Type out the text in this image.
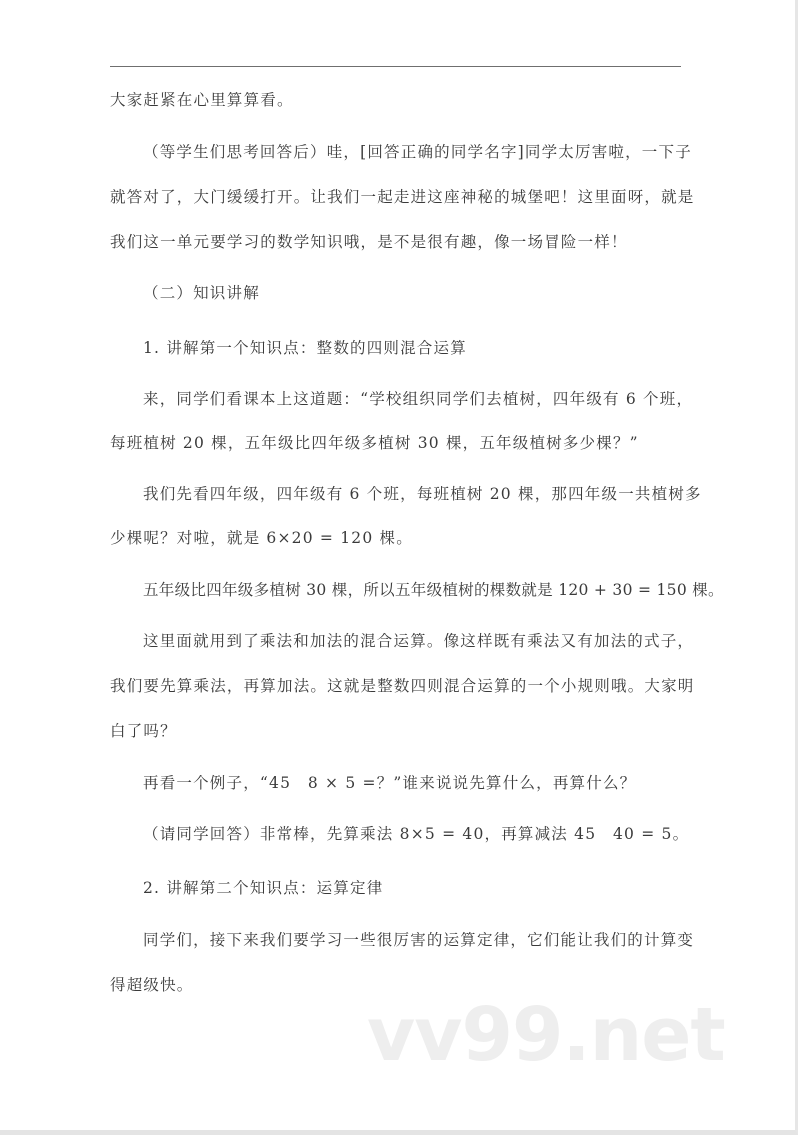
大家赶紧在心里算算看。
（等学生们思考回答后）哇，[回答正确的同学名字]同学太厉害啦，一下子
就答对了，大门缓缓打开。让我们一起走进这座神秘的城堡吧！这里面呀，就是
我们这一单元要学习的数学知识哦，是不是很有趣，像一场冒险一样！
（二）知识讲解
1. 讲解第一个知识点：整数的四则混合运算
来，同学们看课本上这道题：“学校组织同学们去植树，四年级有 6 个班，
每班植树 20 棵，五年级比四年级多植树 30 棵，五年级植树多少棵？”
我们先看四年级，四年级有 6 个班，每班植树 20 棵，那四年级一共植树多
少棵呢？对啦，就是 6×20 = 120 棵。
五年级比四年级多植树 30 棵，所以五年级植树的棵数就是 120 + 30 = 150 棵。
这里面就用到了乘法和加法的混合运算。像这样既有乘法又有加法的式子，
我们要先算乘法，再算加法。这就是整数四则混合运算的一个小规则哦。大家明
白了吗？
再看一个例子，“45　8 × 5 =？”谁来说说先算什么，再算什么？
（请同学回答）非常棒，先算乘法 8×5 = 40，再算减法 45　40 = 5。
2. 讲解第二个知识点：运算定律
同学们，接下来我们要学习一些很厉害的运算定律，它们能让我们的计算变
得超级快。
vv99.net
